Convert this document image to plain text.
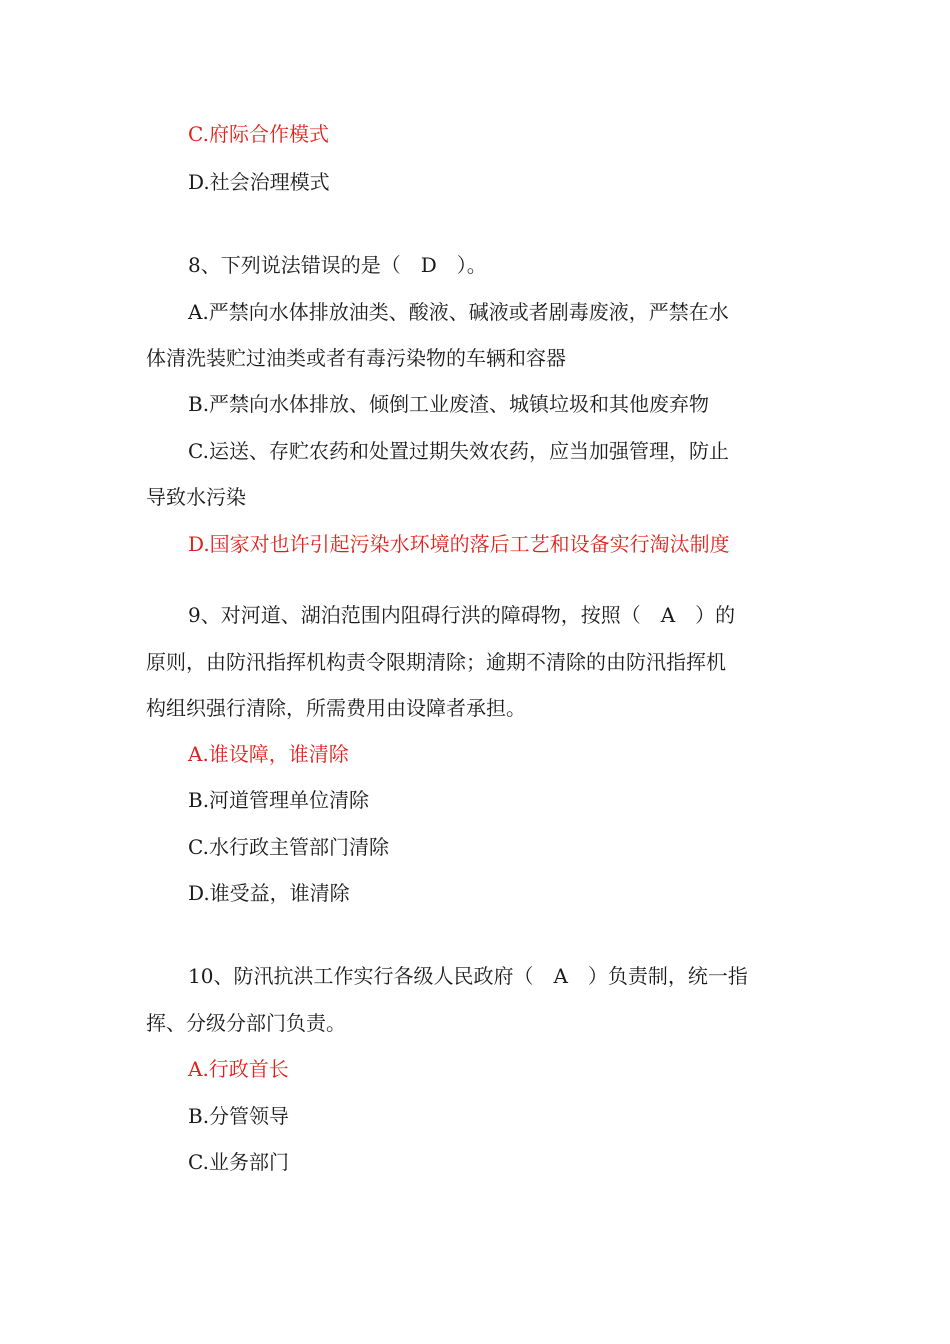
C.府际合作模式
D.社会治理模式
8、下列说法错误的是（　D　）。
A.严禁向水体排放油类、酸液、碱液或者剧毒废液，严禁在水
体清洗装贮过油类或者有毒污染物的车辆和容器
B.严禁向水体排放、倾倒工业废渣、城镇垃圾和其他废弃物
C.运送、存贮农药和处置过期失效农药，应当加强管理，防止
导致水污染
D.国家对也许引起污染水环境的落后工艺和设备实行淘汰制度
9、对河道、湖泊范围内阻碍行洪的障碍物，按照（　A　）的
原则，由防汛指挥机构责令限期清除；逾期不清除的由防汛指挥机
构组织强行清除，所需费用由设障者承担。
A.谁设障，谁清除
B.河道管理单位清除
C.水行政主管部门清除
D.谁受益，谁清除
10、防汛抗洪工作实行各级人民政府（　A　）负责制，统一指
挥、分级分部门负责。
A.行政首长
B.分管领导
C.业务部门
